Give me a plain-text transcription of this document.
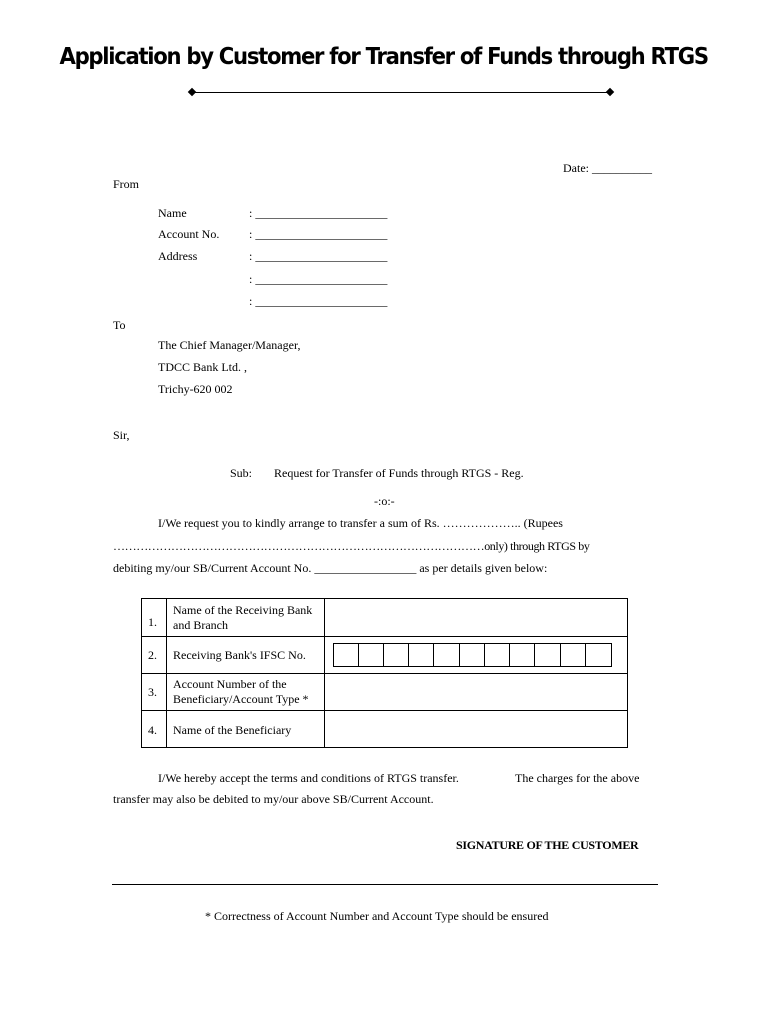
Application by Customer for Transfer of Funds through RTGS
Date: __________
From
Name	: ______________________
Account No. : ______________________
Address	: ______________________
: ______________________
: ______________________
To
The Chief Manager/Manager,
TDCC Bank Ltd. ,
Trichy-620 002
Sir,
Sub: Request for Transfer of Funds through RTGS - Reg.
-:o:-
I/We request you to kindly arrange to transfer a sum of Rs. ……………….. (Rupees
……………………………………………………………………………………only) through RTGS by
debiting my/our SB/Current Account No. _________________ as per details given below:
1.
Name of the Receiving Bank
and Branch
2. Receiving Bank's IFSC No.
3.
Account Number of the
Beneficiary/Account Type *
4. Name of the Beneficiary
I/We hereby accept the terms and conditions of RTGS transfer.	The charges for the above
transfer may also be debited to my/our above SB/Current Account.
SIGNATURE OF THE CUSTOMER
* Correctness of Account Number and Account Type should be ensured
